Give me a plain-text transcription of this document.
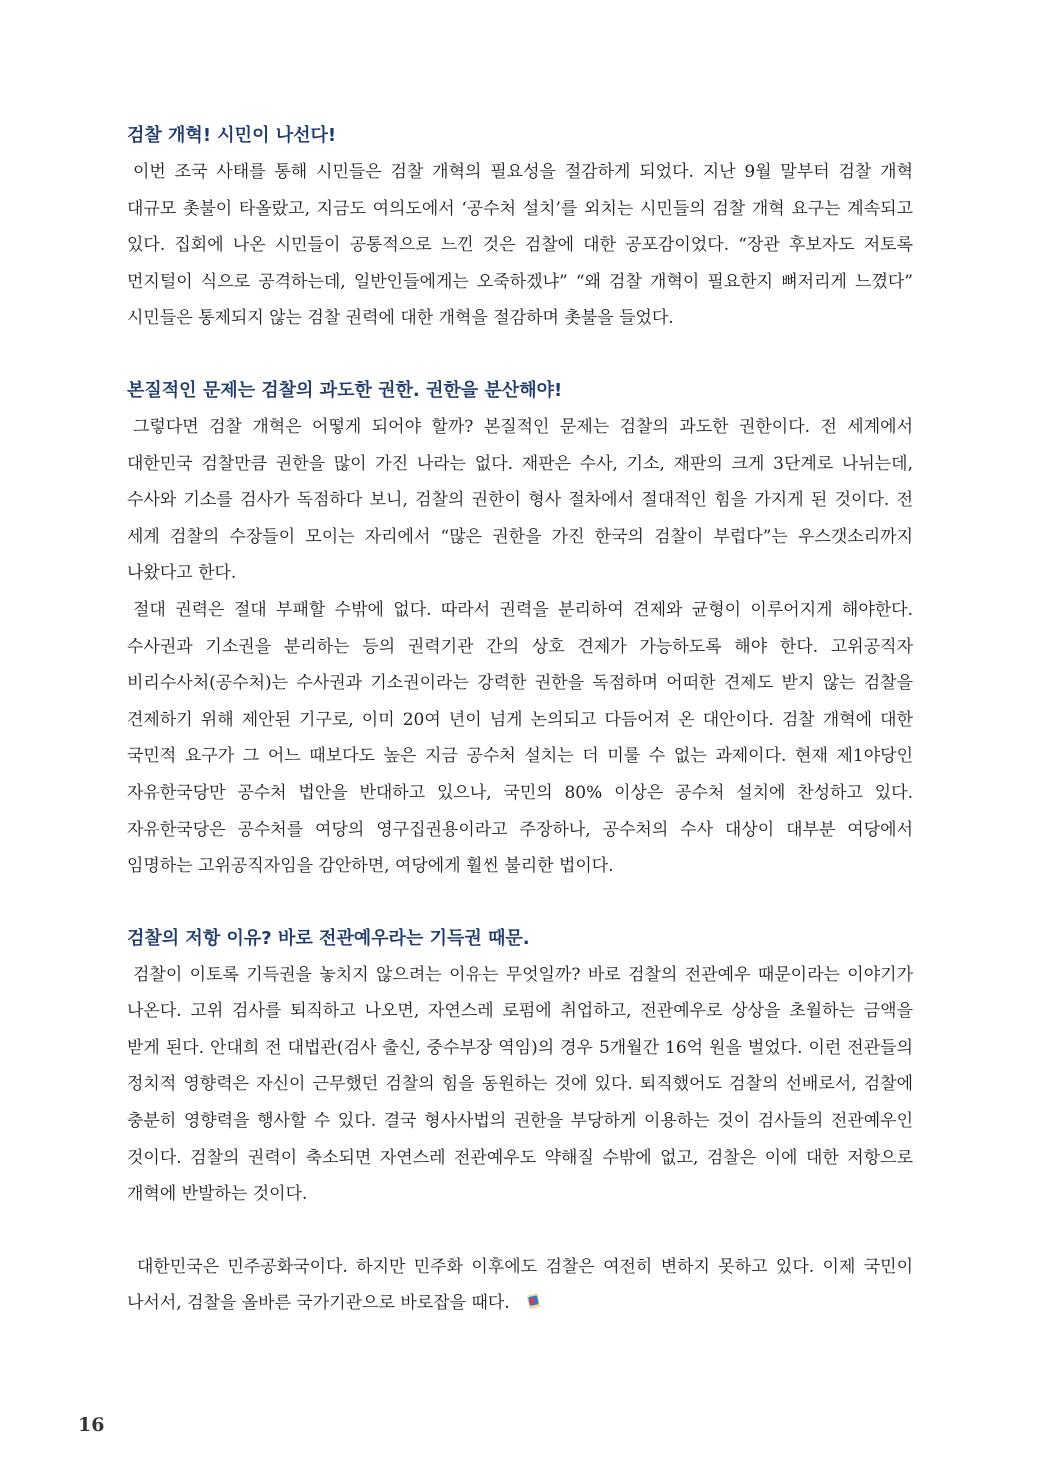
검찰 개혁! 시민이 나선다!

이번 조국 사태를 통해 시민들은 검찰 개혁의 필요성을 절감하게 되었다. 지난 9월 말부터 검찰 개혁 대규모 촛불이 타올랐고, 지금도 여의도에서 ‘공수처 설치’를 외치는 시민들의 검찰 개혁 요구는 계속되고 있다. 집회에 나온 시민들이 공통적으로 느낀 것은 검찰에 대한 공포감이었다. “장관 후보자도 저토록 먼지털이 식으로 공격하는데, 일반인들에게는 오죽하겠냐” “왜 검찰 개혁이 필요한지 뼈저리게 느꼈다” 시민들은 통제되지 않는 검찰 권력에 대한 개혁을 절감하며 촛불을 들었다.

본질적인 문제는 검찰의 과도한 권한. 권한을 분산해야!

그렇다면 검찰 개혁은 어떻게 되어야 할까? 본질적인 문제는 검찰의 과도한 권한이다. 전 세계에서 대한민국 검찰만큼 권한을 많이 가진 나라는 없다. 재판은 수사, 기소, 재판의 크게 3단계로 나뉘는데, 수사와 기소를 검사가 독점하다 보니, 검찰의 권한이 형사 절차에서 절대적인 힘을 가지게 된 것이다. 전 세계 검찰의 수장들이 모이는 자리에서 “많은 권한을 가진 한국의 검찰이 부럽다”는 우스갯소리까지 나왔다고 한다.

절대 권력은 절대 부패할 수밖에 없다. 따라서 권력을 분리하여 견제와 균형이 이루어지게 해야한다. 수사권과 기소권을 분리하는 등의 권력기관 간의 상호 견제가 가능하도록 해야 한다. 고위공직자 비리수사처(공수처)는 수사권과 기소권이라는 강력한 권한을 독점하며 어떠한 견제도 받지 않는 검찰을 견제하기 위해 제안된 기구로, 이미 20여 년이 넘게 논의되고 다듬어져 온 대안이다. 검찰 개혁에 대한 국민적 요구가 그 어느 때보다도 높은 지금 공수처 설치는 더 미룰 수 없는 과제이다. 현재 제1야당인 자유한국당만 공수처 법안을 반대하고 있으나, 국민의 80% 이상은 공수처 설치에 찬성하고 있다. 자유한국당은 공수처를 여당의 영구집권용이라고 주장하나, 공수처의 수사 대상이 대부분 여당에서 임명하는 고위공직자임을 감안하면, 여당에게 훨씬 불리한 법이다.

검찰의 저항 이유? 바로 전관예우라는 기득권 때문.

검찰이 이토록 기득권을 놓치지 않으려는 이유는 무엇일까? 바로 검찰의 전관예우 때문이라는 이야기가 나온다. 고위 검사를 퇴직하고 나오면, 자연스레 로펌에 취업하고, 전관예우로 상상을 초월하는 금액을 받게 된다. 안대희 전 대법관(검사 출신, 중수부장 역임)의 경우 5개월간 16억 원을 벌었다. 이런 전관들의 정치적 영향력은 자신이 근무했던 검찰의 힘을 동원하는 것에 있다. 퇴직했어도 검찰의 선배로서, 검찰에 충분히 영향력을 행사할 수 있다. 결국 형사사법의 권한을 부당하게 이용하는 것이 검사들의 전관예우인 것이다. 검찰의 권력이 축소되면 자연스레 전관예우도 약해질 수밖에 없고, 검찰은 이에 대한 저항으로 개혁에 반발하는 것이다.

대한민국은 민주공화국이다. 하지만 민주화 이후에도 검찰은 여전히 변하지 못하고 있다. 이제 국민이 나서서, 검찰을 올바른 국가기관으로 바로잡을 때다.

16
